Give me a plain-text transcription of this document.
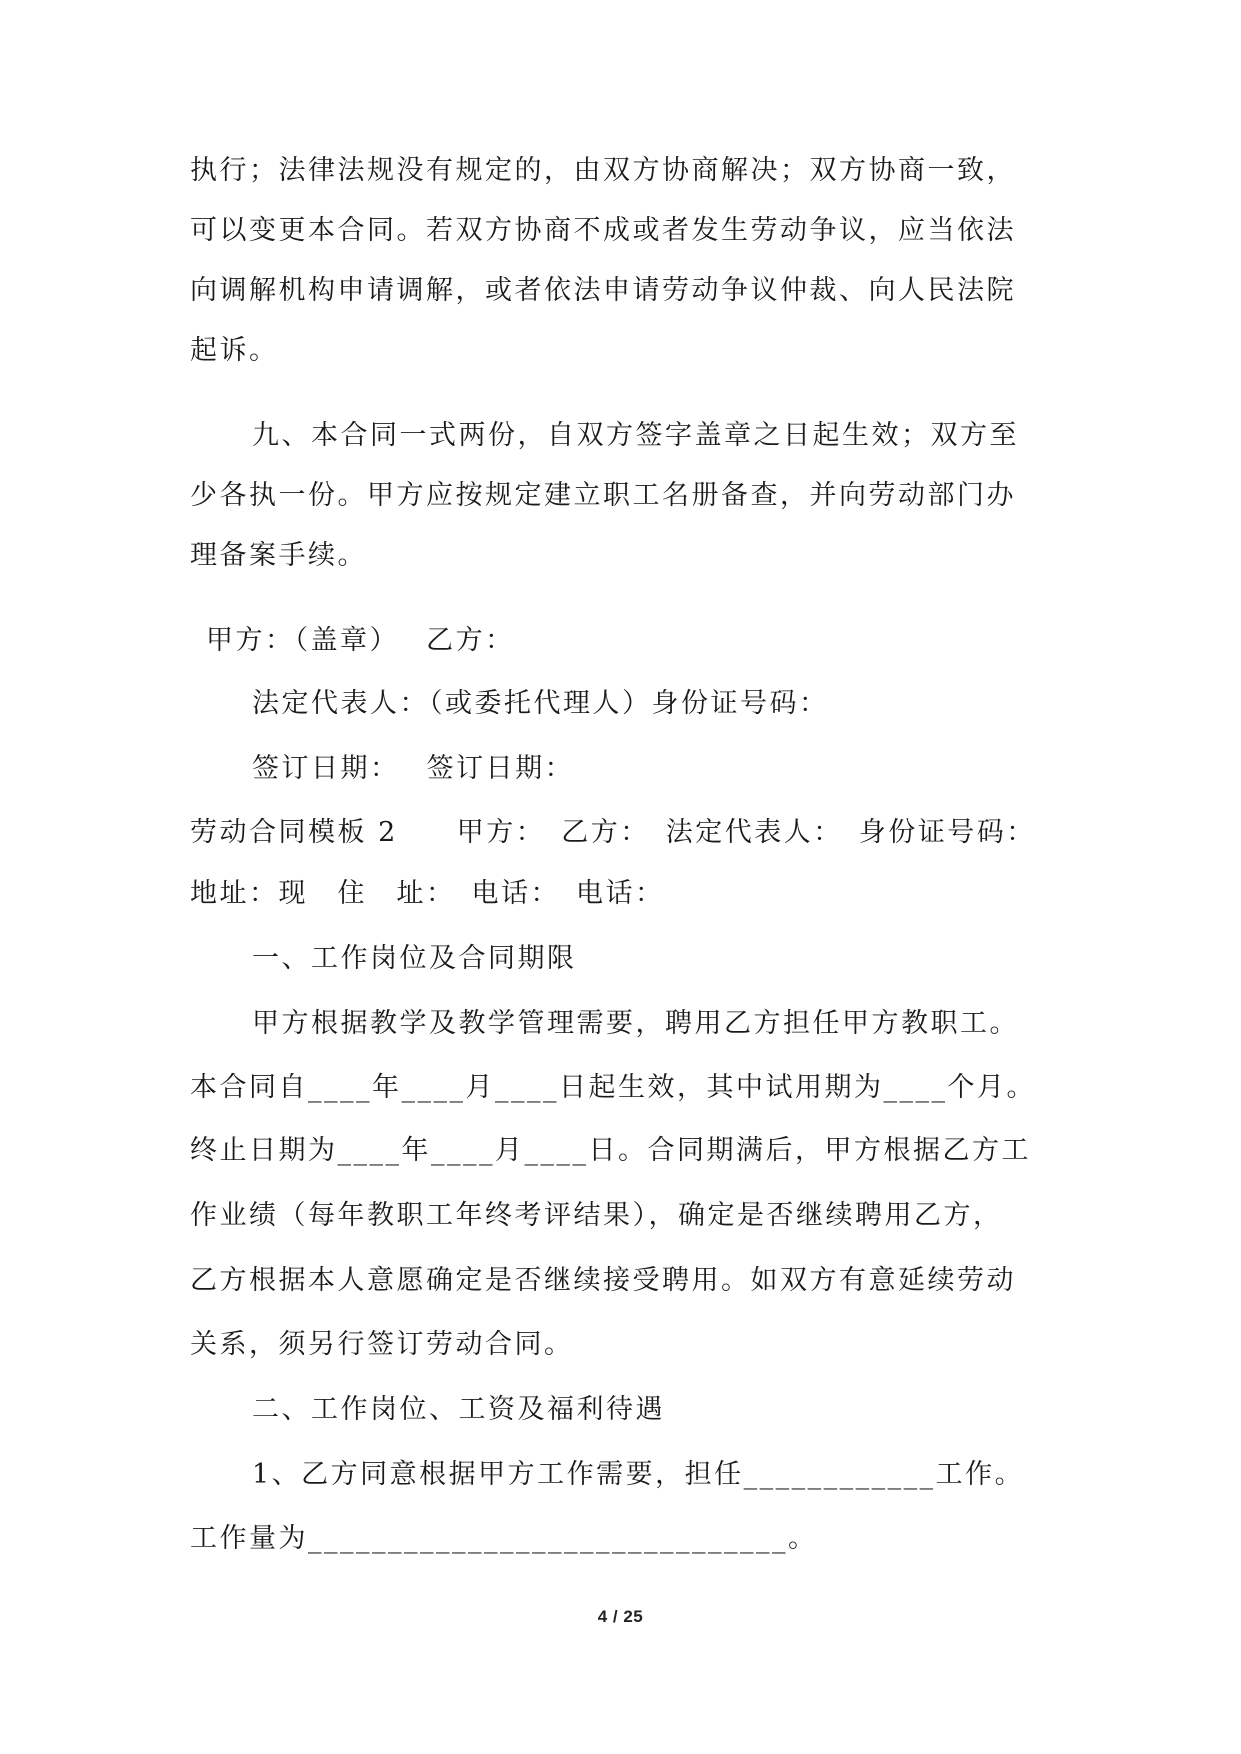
执行；法律法规没有规定的，由双方协商解决；双方协商一致，
可以变更本合同。若双方协商不成或者发生劳动争议，应当依法
向调解机构申请调解，或者依法申请劳动争议仲裁、向人民法院
起诉。
九、本合同一式两份，自双方签字盖章之日起生效；双方至
少各执一份。甲方应按规定建立职工名册备查，并向劳动部门办
理备案手续。
甲方：（盖章）　 乙方：
法定代表人：（或委托代理人）身份证号码：
签订日期：　 签订日期：
劳动合同模板 2　　甲方：　乙方：　法定代表人：　身份证号码：
地址：现　住　址：　电话：　电话：
一、工作岗位及合同期限
甲方根据教学及教学管理需要，聘用乙方担任甲方教职工。
本合同自____年____月____日起生效，其中试用期为____个月。
终止日期为____年____月____日。合同期满后，甲方根据乙方工
作业绩（每年教职工年终考评结果），确定是否继续聘用乙方，
乙方根据本人意愿确定是否继续接受聘用。如双方有意延续劳动
关系，须另行签订劳动合同。
二、工作岗位、工资及福利待遇
1、乙方同意根据甲方工作需要，担任____________工作。
工作量为______________________________。
4 / 25
